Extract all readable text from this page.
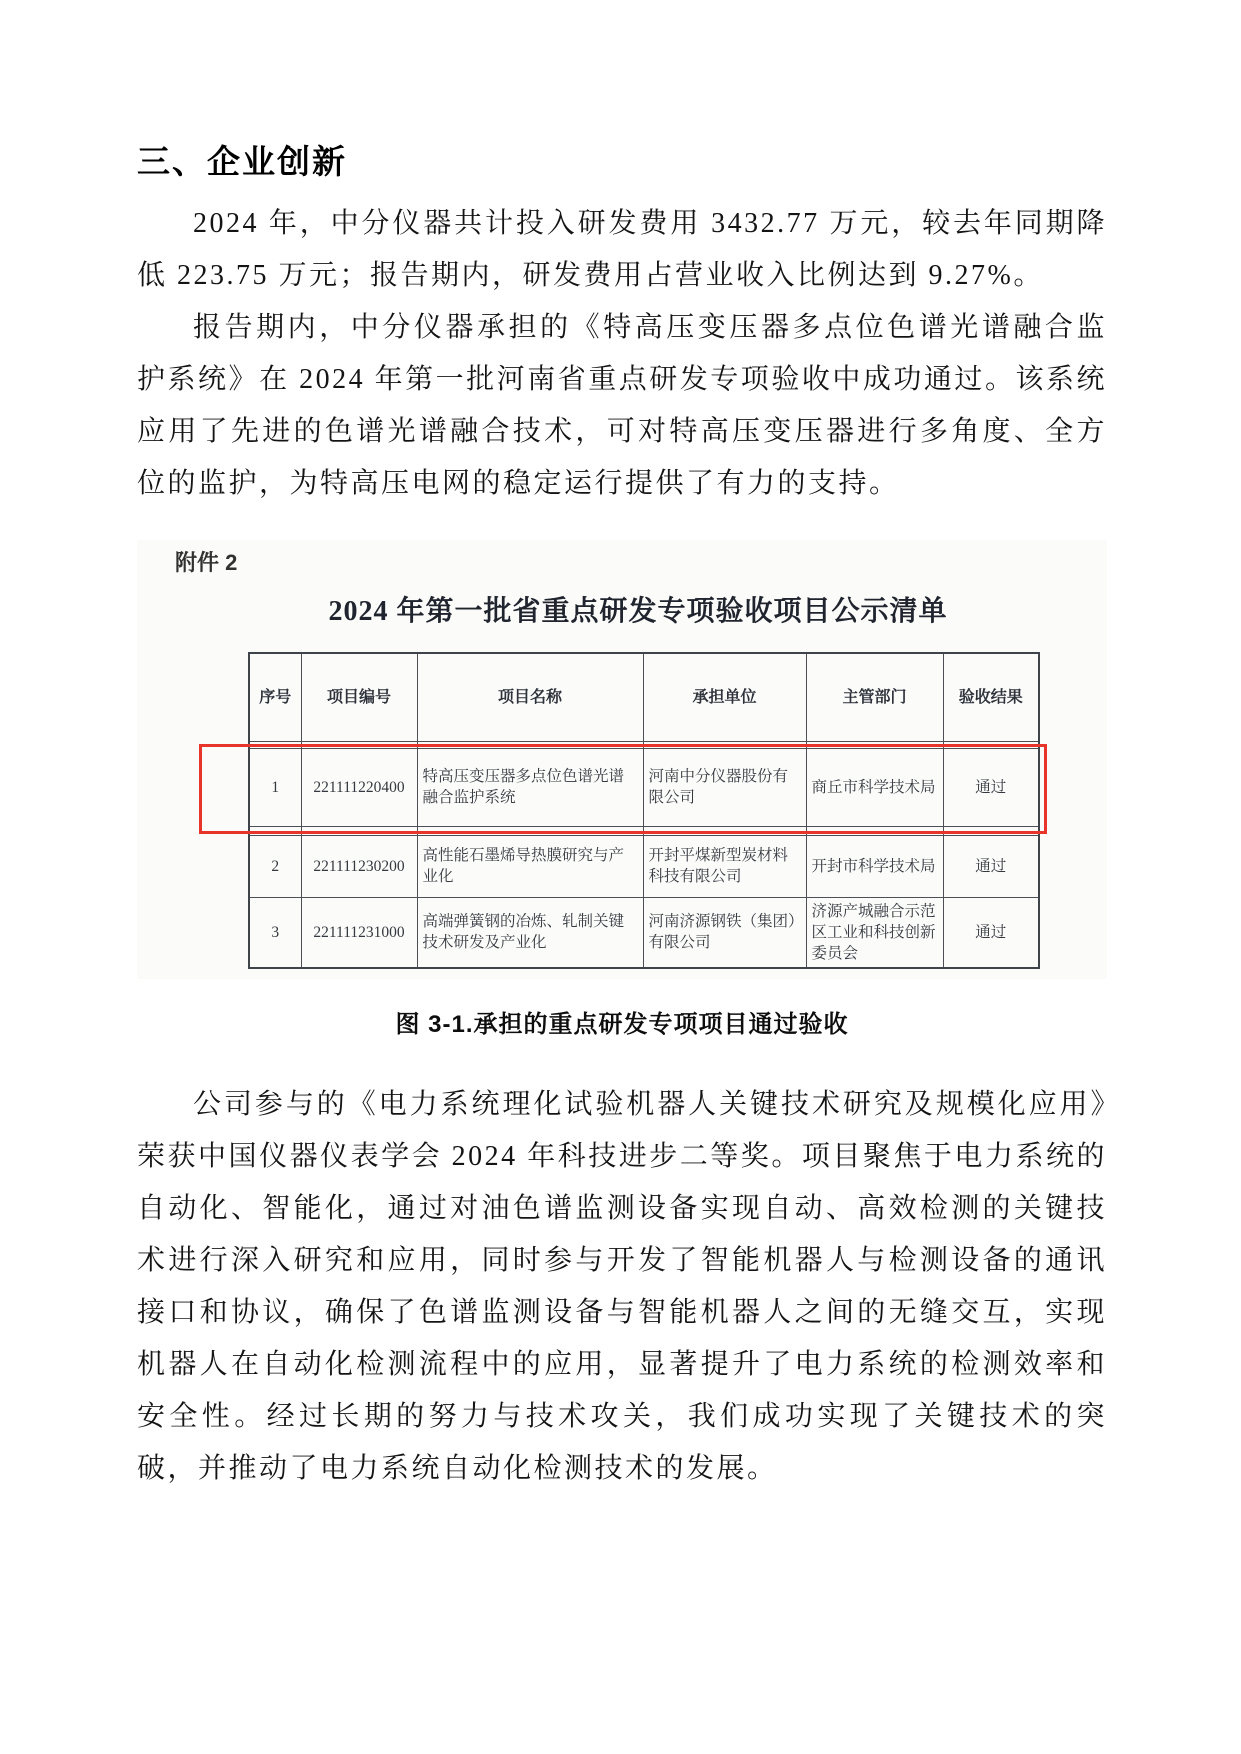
三、企业创新

2024 年，中分仪器共计投入研发费用 3432.77 万元，较去年同期降低 223.75 万元；报告期内，研发费用占营业收入比例达到 9.27%。

报告期内，中分仪器承担的《特高压变压器多点位色谱光谱融合监护系统》在 2024 年第一批河南省重点研发专项验收中成功通过。该系统应用了先进的色谱光谱融合技术，可对特高压变压器进行多角度、全方位的监护，为特高压电网的稳定运行提供了有力的支持。

附件 2
2024 年第一批省重点研发专项验收项目公示清单
序号	项目编号	项目名称	承担单位	主管部门	验收结果

1	221111220400	特高压变压器多点位色谱光谱融合监护系统	河南中分仪器股份有限公司	商丘市科学技术局	通过

2	221111230200	高性能石墨烯导热膜研究与产业化	开封平煤新型炭材料科技有限公司	开封市科学技术局	通过
3	221111231000	高端弹簧钢的冶炼、轧制关键技术研发及产业化	河南济源钢铁（集团）有限公司	济源产城融合示范区工业和科技创新委员会	通过

图 3-1.承担的重点研发专项项目通过验收

公司参与的《电力系统理化试验机器人关键技术研究及规模化应用》荣获中国仪器仪表学会 2024 年科技进步二等奖。项目聚焦于电力系统的自动化、智能化，通过对油色谱监测设备实现自动、高效检测的关键技术进行深入研究和应用，同时参与开发了智能机器人与检测设备的通讯接口和协议，确保了色谱监测设备与智能机器人之间的无缝交互，实现机器人在自动化检测流程中的应用，显著提升了电力系统的检测效率和安全性。经过长期的努力与技术攻关，我们成功实现了关键技术的突破，并推动了电力系统自动化检测技术的发展。
